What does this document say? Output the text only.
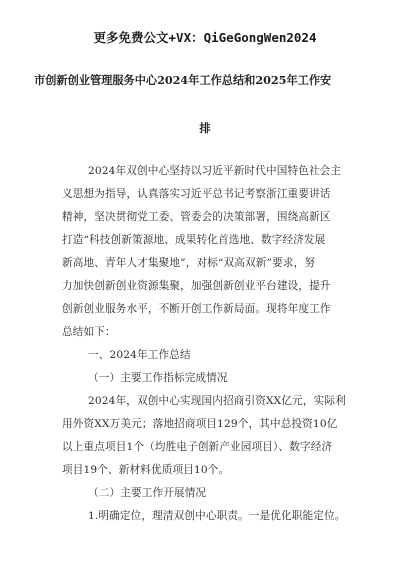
更多免费公文+VX：QiGeGongWen2024
市创新创业管理服务中心2024年工作总结和2025年工作安
排
2024年双创中心坚持以习近平新时代中国特色社会主
义思想为指导，认真落实习近平总书记考察浙江重要讲话
精神，坚决贯彻党工委、管委会的决策部署，围绕高新区
打造“科技创新策源地、成果转化首选地、数字经济发展
新高地、青年人才集聚地”，对标“双高双新”要求，努
力加快创新创业资源集聚，加强创新创业平台建设，提升
创新创业服务水平，不断开创工作新局面。现将年度工作
总结如下：
一、2024年工作总结
（一）主要工作指标完成情况
2024年，双创中心实现国内招商引资XX亿元，实际利
用外资XX万美元；落地招商项目129个，其中总投资10亿
以上重点项目1个（均胜电子创新产业园项目）、数字经济
项目19个、新材料优质项目10个。
（二）主要工作开展情况
1.明确定位，理清双创中心职责。一是优化职能定位。
